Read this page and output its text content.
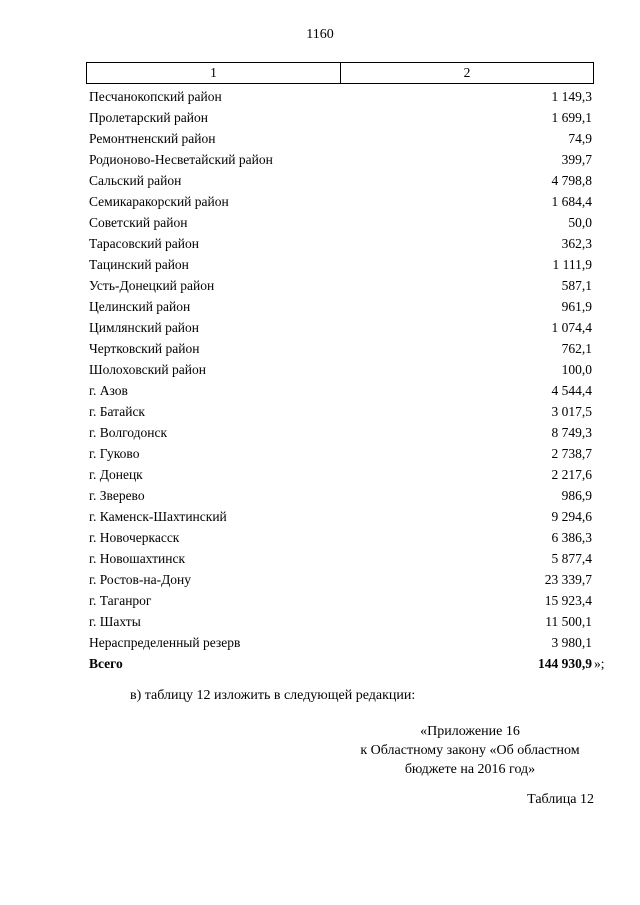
1160
1	2
Песчанокопский район	1 149,3
Пролетарский район	1 699,1
Ремонтненский район	74,9
Родионово-Несветайский район	399,7
Сальский район	4 798,8
Семикаракорский район	1 684,4
Советский район	50,0
Тарасовский район	362,3
Тацинский район	1 111,9
Усть-Донецкий район	587,1
Целинский район	961,9
Цимлянский район	1 074,4
Чертковский район	762,1
Шолоховский район	100,0
г. Азов	4 544,4
г. Батайск	3 017,5
г. Волгодонск	8 749,3
г. Гуково	2 738,7
г. Донецк	2 217,6
г. Зверево	986,9
г. Каменск-Шахтинский	9 294,6
г. Новочеркасск	6 386,3
г. Новошахтинск	5 877,4
г. Ростов-на-Дону	23 339,7
г. Таганрог	15 923,4
г. Шахты	11 500,1
Нераспределенный резерв	3 980,1
Всего	144 930,9 »;
в) таблицу 12 изложить в следующей редакции:
«Приложение 16
к Областному закону «Об областном
бюджете на 2016 год»
Таблица 12
